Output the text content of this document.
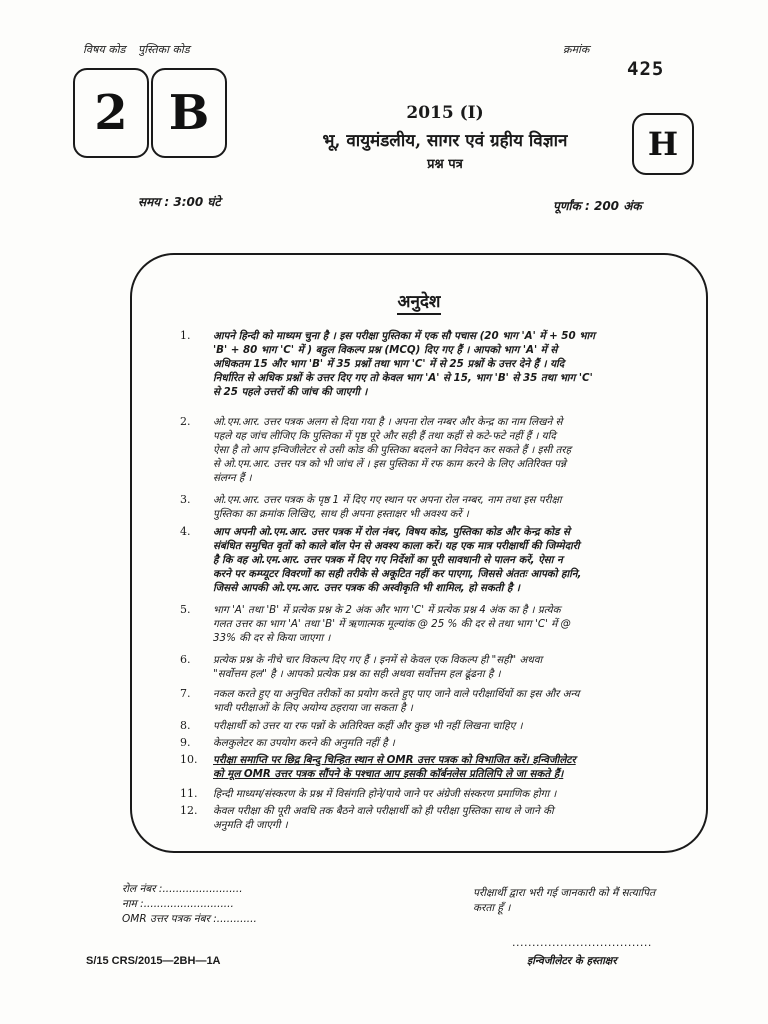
विषय कोड पुस्तिका कोड	क्रमांक
425
2 B
H
2015 (I)
भू, वायुमंडलीय, सागर एवं ग्रहीय विज्ञान
प्रश्न पत्र
समय : 3:00 घंटे	पूर्णांक : 200 अंक
अनुदेश
1.	आपने हिन्दी को माध्यम चुना है । इस परीक्षा पुस्तिका में एक सौ पचास (20 भाग 'A' में + 50 भाग
'B' + 80 भाग 'C' में ) बहुल विकल्प प्रश्न (MCQ) दिए गए हैं । आपको भाग 'A' में से
अधिकतम 15 और भाग 'B' में 35 प्रश्नों तथा भाग 'C' में से 25 प्रश्नों के उत्तर देने हैं । यदि
निर्धारित से अधिक प्रश्नों के उत्तर दिए गए तो केवल भाग 'A' से 15, भाग 'B' से 35 तथा भाग 'C'
से 25 पहले उत्तरों की जांच की जाएगी ।
2.	ओ.एम.आर. उत्तर पत्रक अलग से दिया गया है । अपना रोल नम्बर और केन्द्र का नाम लिखने से
पहले यह जांच लीजिए कि पुस्तिका में पृष्ठ पूरे और सही हैं तथा कहीं से कटे-फटे नहीं हैं । यदि
ऐसा है तो आप इन्विजीलेटर से उसी कोड की पुस्तिका बदलने का निवेदन कर सकते हैं । इसी तरह
से ओ.एम.आर. उत्तर पत्र को भी जांच लें । इस पुस्तिका में रफ काम करने के लिए अतिरिक्त पन्ने
संलग्न हैं ।
3.	ओ.एम.आर. उत्तर पत्रक के पृष्ठ 1 में दिए गए स्थान पर अपना रोल नम्बर, नाम तथा इस परीक्षा
पुस्तिका का क्रमांक लिखिए, साथ ही अपना हस्ताक्षर भी अवश्य करें ।
4.	आप अपनी ओ.एम.आर. उत्तर पत्रक में रोल नंबर, विषय कोड, पुस्तिका कोड और केन्द्र कोड से
संबंधित समुचित वृतों को काले बॉल पेन से अवश्य काला करें। यह एक मात्र परीक्षार्थी की जिम्मेदारी
है कि वह ओ.एम.आर. उत्तर पत्रक में दिए गए निर्देशों का पूरी सावधानी से पालन करें, ऐसा न
करने पर कम्प्यूटर विवरणों का सही तरीके से अकूटित नहीं कर पाएगा, जिससे अंततः आपको हानि,
जिससे आपकी ओ.एम.आर. उत्तर पत्रक की अस्वीकृति भी शामिल, हो सकती है ।
5.	भाग 'A' तथा 'B' में प्रत्येक प्रश्न के 2 अंक और भाग 'C' में प्रत्येक प्रश्न 4 अंक का है । प्रत्येक
गलत उत्तर का भाग 'A' तथा 'B' में ऋणात्मक मूल्यांक @ 25 % की दर से तथा भाग 'C' में @
33% की दर से किया जाएगा ।
6.	प्रत्येक प्रश्न के नीचे चार विकल्प दिए गए हैं । इनमें से केवल एक विकल्प ही "सही" अथवा
"सर्वोत्तम हल" है । आपको प्रत्येक प्रश्न का सही अथवा सर्वोत्तम हल ढूंढना है ।
7.	नकल करते हुए या अनुचित तरीकों का प्रयोग करते हुए पाए जाने वाले परीक्षार्थियों का इस और अन्य
भावी परीक्षाओं के लिए अयोग्य ठहराया जा सकता है ।
8.	परीक्षार्थी को उत्तर या रफ पन्नों के अतिरिक्त कहीं और कुछ भी नहीं लिखना चाहिए ।
9.	केलकुलेटर का उपयोग करने की अनुमति नहीं है ।
10.	परीक्षा समाप्ति पर छिद्र बिन्दु चिन्हित स्थान से OMR उत्तर पत्रक को विभाजित करें। इन्विजीलेटर
को मूल OMR उत्तर पत्रक सौंपने के पश्चात आप इसकी कॉर्बनलेस प्रतिलिपि ले जा सकते हैं।
11.	हिन्दी माध्यम/संस्करण के प्रश्न में विसंगति होने/पाये जाने पर अंग्रेजी संस्करण प्रमाणिक होगा ।
12.	केवल परीक्षा की पूरी अवधि तक बैठने वाले परीक्षार्थी को ही परीक्षा पुस्तिका साथ ले जाने की
अनुमति दी जाएगी ।
रोल नंबर :........................
नाम :...........................
OMR उत्तर पत्रक नंबर :............
परीक्षार्थी द्वारा भरी गई जानकारी को मैं सत्यापित
करता हूँ ।
...................................
इन्विजीलेटर के हस्ताक्षर
S/15 CRS/2015—2BH—1A
